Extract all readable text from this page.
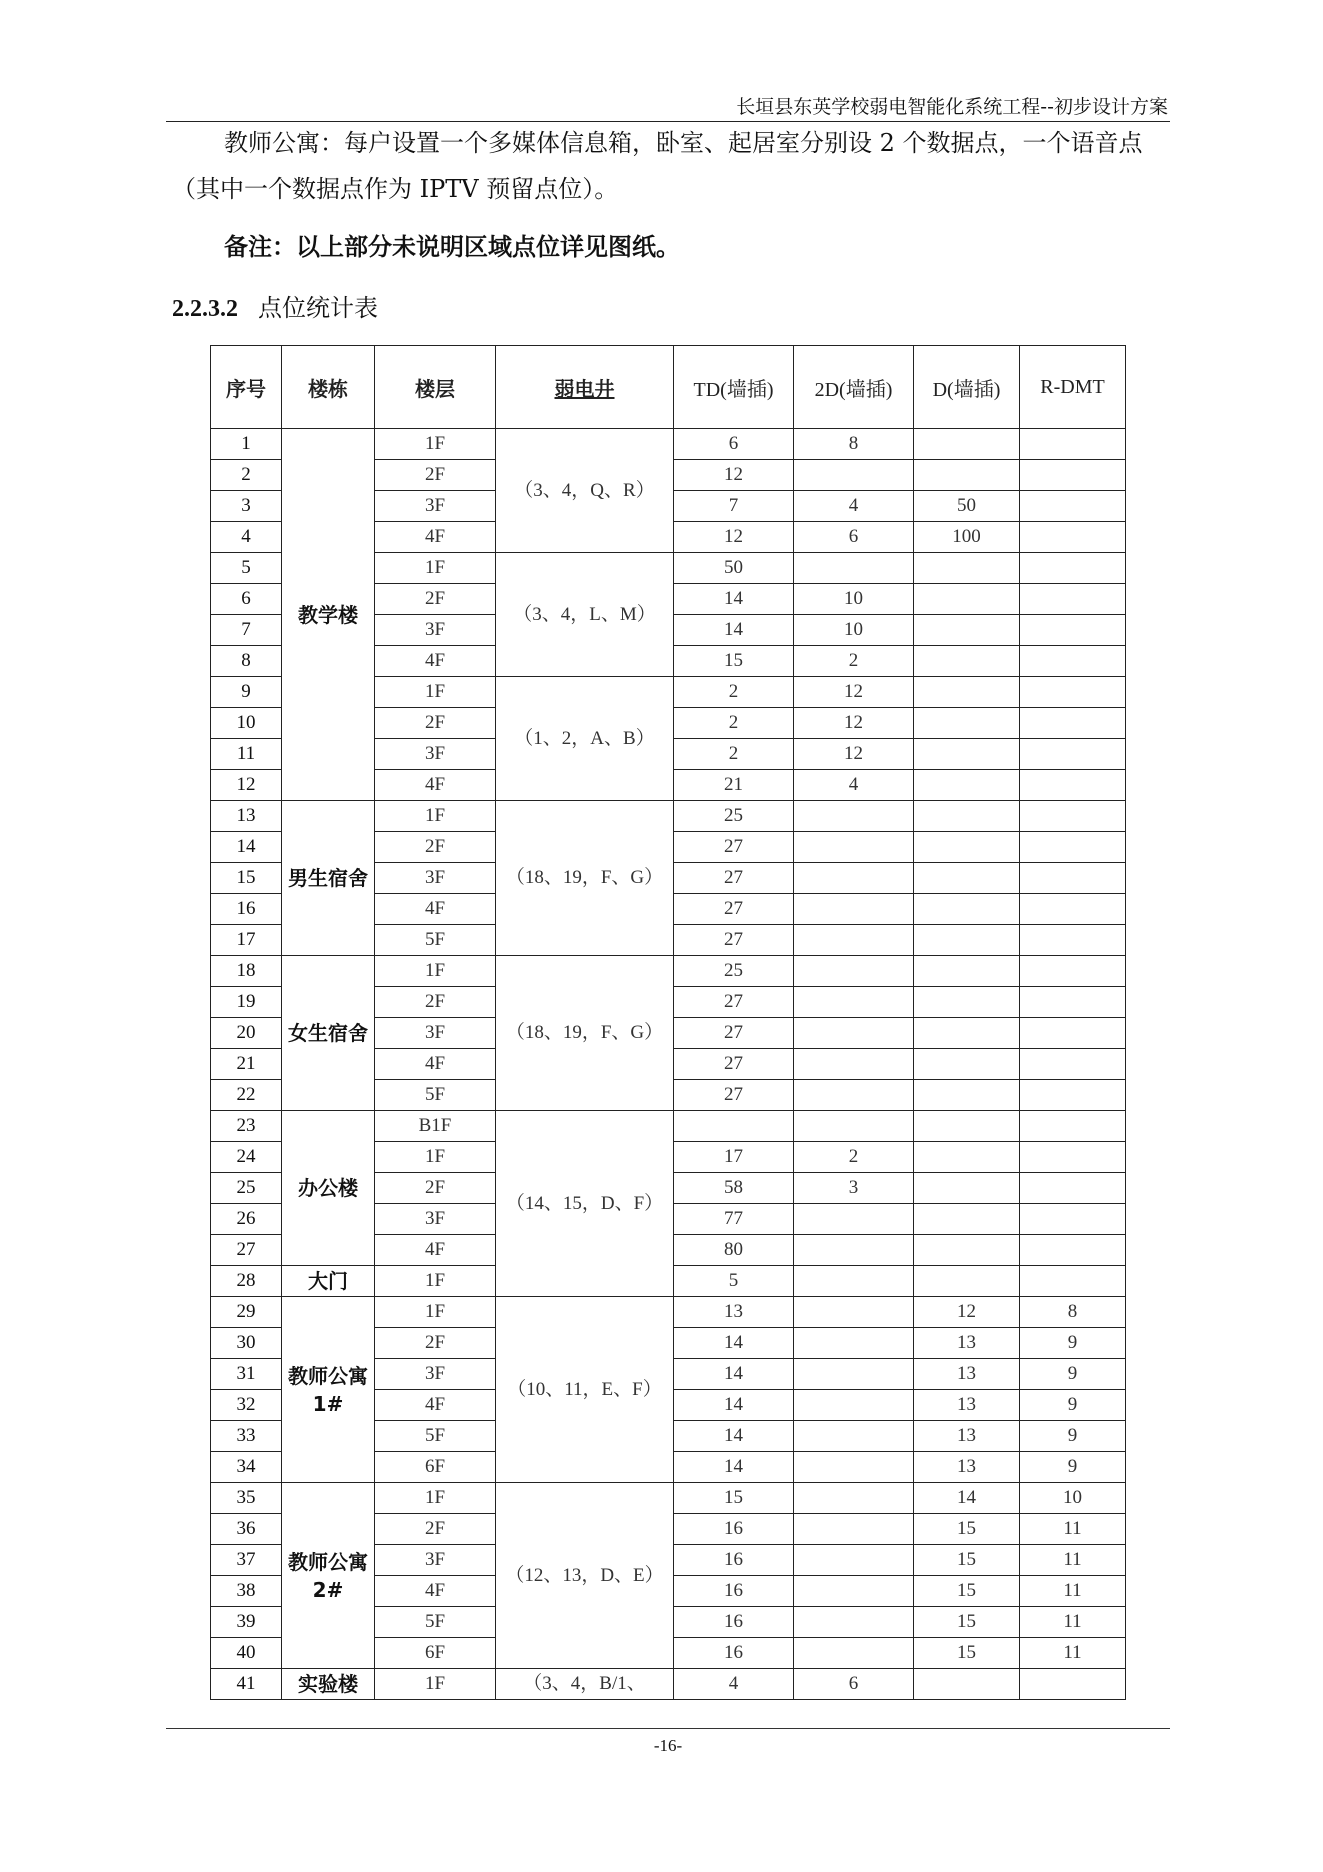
长垣县东英学校弱电智能化系统工程--初步设计方案
教师公寓：每户设置一个多媒体信息箱，卧室、起居室分别设 2 个数据点，一个语音点（其中一个数据点作为 IPTV 预留点位）。
备注：以上部分未说明区域点位详见图纸。
2.2.3.2 点位统计表
序号	楼栋	楼层	弱电井	TD(墙插)	2D(墙插)	D(墙插)	R-DMT
1	教学楼	1F	（3、4，Q、R）	6	8		
2		2F		12			
3		3F		7	4	50	
4		4F		12	6	100	
5		1F	（3、4，L、M）	50			
6		2F		14	10		
7		3F		14	10		
8		4F		15	2		
9		1F	（1、2，A、B）	2	12		
10		2F		2	12		
11		3F		2	12		
12		4F		21	4		
13	男生宿舍	1F	（18、19，F、G）	25			
14		2F		27			
15		3F		27			
16		4F		27			
17		5F		27			
18	女生宿舍	1F	（18、19，F、G）	25			
19		2F		27			
20		3F		27			
21		4F		27			
22		5F		27			
23	办公楼	B1F	（14、15，D、F）				
24		1F		17	2		
25		2F		58	3		
26		3F		77			
27		4F		80			
28	大门	1F		5			
29	教师公寓 1#	1F	（10、11，E、F）	13		12	8
30		2F		14		13	9
31		3F		14		13	9
32		4F		14		13	9
33		5F		14		13	9
34		6F		14		13	9
35	教师公寓 2#	1F	（12、13，D、E）	15		14	10
36		2F		16		15	11
37		3F		16		15	11
38		4F		16		15	11
39		5F		16		15	11
40		6F		16		15	11
41	实验楼	1F	（3、4，B/1、	4	6		
-16-
